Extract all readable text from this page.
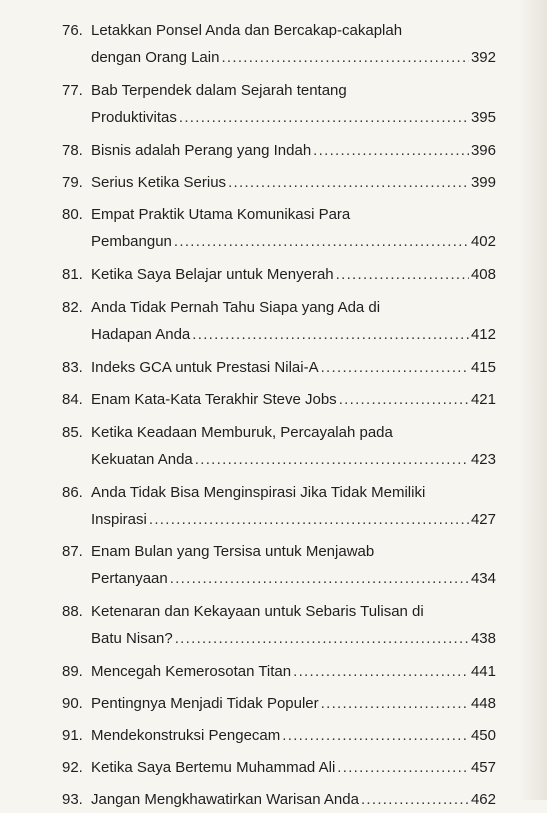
76. Letakkan Ponsel Anda dan Bercakap-cakaplah
dengan Orang Lain .....	392
77. Bab Terpendek dalam Sejarah tentang
Produktivitas .....	395
78. Bisnis adalah Perang yang Indah .....	396
79. Serius Ketika Serius .....	399
80. Empat Praktik Utama Komunikasi Para
Pembangun .....	402
81. Ketika Saya Belajar untuk Menyerah .....	408
82. Anda Tidak Pernah Tahu Siapa yang Ada di
Hadapan Anda .....	412
83. Indeks GCA untuk Prestasi Nilai-A .....	415
84. Enam Kata-Kata Terakhir Steve Jobs .....	421
85. Ketika Keadaan Memburuk, Percayalah pada
Kekuatan Anda .....	423
86. Anda Tidak Bisa Menginspirasi Jika Tidak Memiliki
Inspirasi .....	427
87. Enam Bulan yang Tersisa untuk Menjawab
Pertanyaan .....	434
88. Ketenaran dan Kekayaan untuk Sebaris Tulisan di
Batu Nisan? .....	438
89. Mencegah Kemerosotan Titan .....	441
90. Pentingnya Menjadi Tidak Populer .....	448
91. Mendekonstruksi Pengecam .....	450
92. Ketika Saya Bertemu Muhammad Ali .....	457
93. Jangan Mengkhawatirkan Warisan Anda .....	462
